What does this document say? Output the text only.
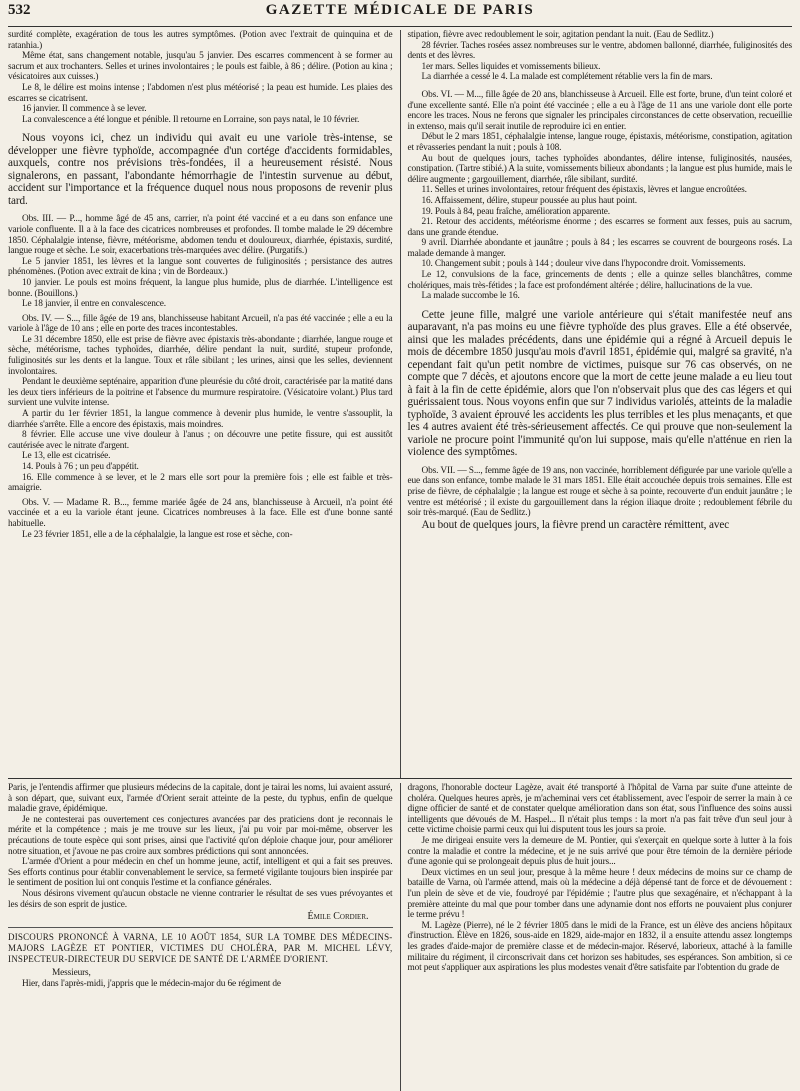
532	GAZETTE MÉDICALE DE PARIS

surdité complète, exagération de tous les autres symptômes. (Potion avec l'extrait de quinquina et de ratanhia.)

Même état, sans changement notable, jusqu'au 5 janvier. Des escarres commencent à se former au sacrum et aux trochanters. Selles et urines involontaires ; le pouls est faible, à 86 ; délire. (Potion au kina ; vésicatoires aux cuisses.)

Le 8, le délire est moins intense ; l'abdomen n'est plus météorisé ; la peau est humide. Les plaies des escarres se cicatrisent.

16 janvier. Il commence à se lever.

La convalescence a été longue et pénible. Il retourne en Lorraine, son pays natal, le 10 février.

Nous voyons ici, chez un individu qui avait eu une variole très-intense, se développer une fièvre typhoïde, accompagnée d'un cortége d'accidents formidables, auxquels, contre nos prévisions très-fondées, il a heureusement résisté. Nous signalerons, en passant, l'abondante hémorrhagie de l'intestin survenue au début, accident sur l'importance et la fréquence duquel nous nous proposons de revenir plus tard.

Obs. III. — P..., homme âgé de 45 ans, carrier, n'a point été vacciné et a eu dans son enfance une variole confluente. Il a à la face des cicatrices nombreuses et profondes. Il tombe malade le 29 décembre 1850. Céphalalgie intense, fièvre, météorisme, abdomen tendu et douloureux, diarrhée, épistaxis, surdité, langue rouge et sèche. Le soir, exacerbations très-marquées avec délire. (Purgatifs.)

Le 5 janvier 1851, les lèvres et la langue sont couvertes de fuliginosités ; persistance des autres phénomènes. (Potion avec extrait de kina ; vin de Bordeaux.)

10 janvier. Le pouls est moins fréquent, la langue plus humide, plus de diarrhée. L'intelligence est bonne. (Bouillons.)

Le 18 janvier, il entre en convalescence.

Obs. IV. — S..., fille âgée de 19 ans, blanchisseuse habitant Arcueil, n'a pas été vaccinée ; elle a eu la variole à l'âge de 10 ans ; elle en porte des traces incontestables.

Le 31 décembre 1850, elle est prise de fièvre avec épistaxis très-abondante ; diarrhée, langue rouge et sèche, météorisme, taches typhoïdes, diarrhée, délire pendant la nuit, surdité, stupeur profonde, fuliginosités sur les dents et la langue. Toux et râle sibilant ; les urines, ainsi que les selles, deviennent involontaires.

Pendant le deuxième septénaire, apparition d'une pleurésie du côté droit, caractérisée par la matité dans les deux tiers inférieurs de la poitrine et l'absence du murmure respiratoire. (Vésicatoire volant.) Plus tard survient une vulvite intense.

A partir du 1er février 1851, la langue commence à devenir plus humide, le ventre s'assouplit, la diarrhée s'arrête. Elle a encore des épistaxis, mais moindres.

8 février. Elle accuse une vive douleur à l'anus ; on découvre une petite fissure, qui est aussitôt cautérisée avec le nitrate d'argent.

Le 13, elle est cicatrisée.

14. Pouls à 76 ; un peu d'appétit.

16. Elle commence à se lever, et le 2 mars elle sort pour la première fois ; elle est faible et très-amaigrie.

Obs. V. — Madame R. B..., femme mariée âgée de 24 ans, blanchisseuse à Arcueil, n'a point été vaccinée et a eu la variole étant jeune. Cicatrices nombreuses à la face. Elle est d'une bonne santé habituelle.

Le 23 février 1851, elle a de la céphalalgie, la langue est rose et sèche, con-

stipation, fièvre avec redoublement le soir, agitation pendant la nuit. (Eau de Sedlitz.)

28 février. Taches rosées assez nombreuses sur le ventre, abdomen ballonné, diarrhée, fuliginosités des dents et des lèvres.

1er mars. Selles liquides et vomissements bilieux.

La diarrhée a cessé le 4. La malade est complétement rétablie vers la fin de mars.

Obs. VI. — M..., fille âgée de 20 ans, blanchisseuse à Arcueil. Elle est forte, brune, d'un teint coloré et d'une excellente santé. Elle n'a point été vaccinée ; elle a eu à l'âge de 11 ans une variole dont elle porte encore les traces. Nous ne ferons que signaler les principales circonstances de cette observation, recueillie in extenso, mais qu'il serait inutile de reproduire ici en entier.

Début le 2 mars 1851, céphalalgie intense, langue rouge, épistaxis, météorisme, constipation, agitation et rêvasseries pendant la nuit ; pouls à 108.

Au bout de quelques jours, taches typhoïdes abondantes, délire intense, fuliginosités, nausées, constipation. (Tartre stibié.) A la suite, vomissements bilieux abondants ; la langue est plus humide, mais le délire augmente ; gargouillement, diarrhée, râle sibilant, surdité.

11. Selles et urines involontaires, retour fréquent des épistaxis, lèvres et langue encroûtées.

16. Affaissement, délire, stupeur poussée au plus haut point.

19. Pouls à 84, peau fraîche, amélioration apparente.

21. Retour des accidents, météorisme énorme ; des escarres se forment aux fesses, puis au sacrum, dans une grande étendue.

9 avril. Diarrhée abondante et jaunâtre ; pouls à 84 ; les escarres se couvrent de bourgeons rosés. La malade demande à manger.

10. Changement subit ; pouls à 144 ; douleur vive dans l'hypocondre droit. Vomissements.

Le 12, convulsions de la face, grincements de dents ; elle a quinze selles blanchâtres, comme cholériques, mais très-fétides ; la face est profondément altérée ; délire, hallucinations de la vue.

La malade succombe le 16.

Cette jeune fille, malgré une variole antérieure qui s'était manifestée neuf ans auparavant, n'a pas moins eu une fièvre typhoïde des plus graves. Elle a été observée, ainsi que les malades précédents, dans une épidémie qui a régné à Arcueil depuis le mois de décembre 1850 jusqu'au mois d'avril 1851, épidémie qui, malgré sa gravité, n'a cependant fait qu'un petit nombre de victimes, puisque sur 76 cas observés, on ne compte que 7 décès, et ajoutons encore que la mort de cette jeune malade a eu lieu tout à fait à la fin de cette épidémie, alors que l'on n'observait plus que des cas légers et qui guérissaient tous. Nous voyons enfin que sur 7 individus variolés, atteints de la maladie typhoïde, 3 avaient éprouvé les accidents les plus terribles et les plus menaçants, et que les 4 autres avaient été très-sérieusement affectés. Ce qui prouve que non-seulement la variole ne procure point l'immunité qu'on lui suppose, mais qu'elle n'atténue en rien la violence des symptômes.

Obs. VII. — S..., femme âgée de 19 ans, non vaccinée, horriblement défigurée par une variole qu'elle a eue dans son enfance, tombe malade le 31 mars 1851. Elle était accouchée depuis trois semaines. Elle est prise de fièvre, de céphalalgie ; la langue est rouge et sèche à sa pointe, recouverte d'un enduit jaunâtre ; le ventre est météorisé ; il existe du gargouillement dans la région iliaque droite ; redoublement fébrile du soir très-marqué. (Eau de Sedlitz.)

Au bout de quelques jours, la fièvre prend un caractère rémittent, avec

Paris, je l'entendis affirmer que plusieurs médecins de la capitale, dont je tairai les noms, lui avaient assuré, à son départ, que, suivant eux, l'armée d'Orient serait atteinte de la peste, du typhus, enfin de quelque maladie grave, épidémique.

Je ne contesterai pas ouvertement ces conjectures avancées par des praticiens dont je reconnais le mérite et la compétence ; mais je me trouve sur les lieux, j'ai pu voir par moi-même, observer les précautions de toute espèce qui sont prises, ainsi que l'activité qu'on déploie chaque jour, pour améliorer notre situation, et j'avoue ne pas croire aux sombres prédictions qui sont annoncées.

L'armée d'Orient a pour médecin en chef un homme jeune, actif, intelligent et qui a fait ses preuves. Ses efforts continus pour établir convenablement le service, sa fermeté vigilante toujours bien inspirée par le sentiment de position lui ont conquis l'estime et la confiance générales.

Nous désirons vivement qu'aucun obstacle ne vienne contrarier le résultat de ses vues prévoyantes et les désirs de son esprit de justice.

Émile Cordier.
DISCOURS PRONONCÉ À VARNA, LE 10 AOÛT 1854, SUR LA TOMBE DES MÉDECINS-MAJORS LAGÈZE ET PONTIER, VICTIMES DU CHOLÉRA, PAR M. MICHEL LÉVY, INSPECTEUR-DIRECTEUR DU SERVICE DE SANTÉ DE L'ARMÉE D'ORIENT.

Messieurs,

Hier, dans l'après-midi, j'appris que le médecin-major du 6e régiment de

dragons, l'honorable docteur Lagèze, avait été transporté à l'hôpital de Varna par suite d'une atteinte de choléra. Quelques heures après, je m'acheminai vers cet établissement, avec l'espoir de serrer la main à ce digne officier de santé et de constater quelque amélioration dans son état, sous l'influence des soins aussi intelligents que dévoués de M. Haspel... Il n'était plus temps : la mort n'a pas fait trêve d'un seul jour à cette victime choisie parmi ceux qui lui disputent tous les jours sa proie.

Je me dirigeai ensuite vers la demeure de M. Pontier, qui s'exerçait en quelque sorte à lutter à la fois contre la maladie et contre la médecine, et je ne suis arrivé que pour être témoin de la dernière période d'une agonie qui se prolongeait depuis plus de huit jours...

Deux victimes en un seul jour, presque à la même heure ! deux médecins de moins sur ce champ de bataille de Varna, où l'armée attend, mais où la médecine a déjà dépensé tant de force et de dévouement : l'un plein de sève et de vie, foudroyé par l'épidémie ; l'autre plus que sexagénaire, et n'échappant à la première atteinte du mal que pour tomber dans une adynamie dont nos efforts ne pouvaient plus conjurer le terme prévu !

M. Lagèze (Pierre), né le 2 février 1805 dans le midi de la France, est un élève des anciens hôpitaux d'instruction. Élève en 1826, sous-aide en 1829, aide-major en 1832, il a ensuite attendu assez longtemps les grades d'aide-major de première classe et de médecin-major. Réservé, laborieux, attaché à la famille militaire du régiment, il circonscrivait dans cet horizon ses habitudes, ses espérances. Son ambition, si ce mot peut s'appliquer aux aspirations les plus modestes venait d'être satisfaite par l'obtention du grade de
